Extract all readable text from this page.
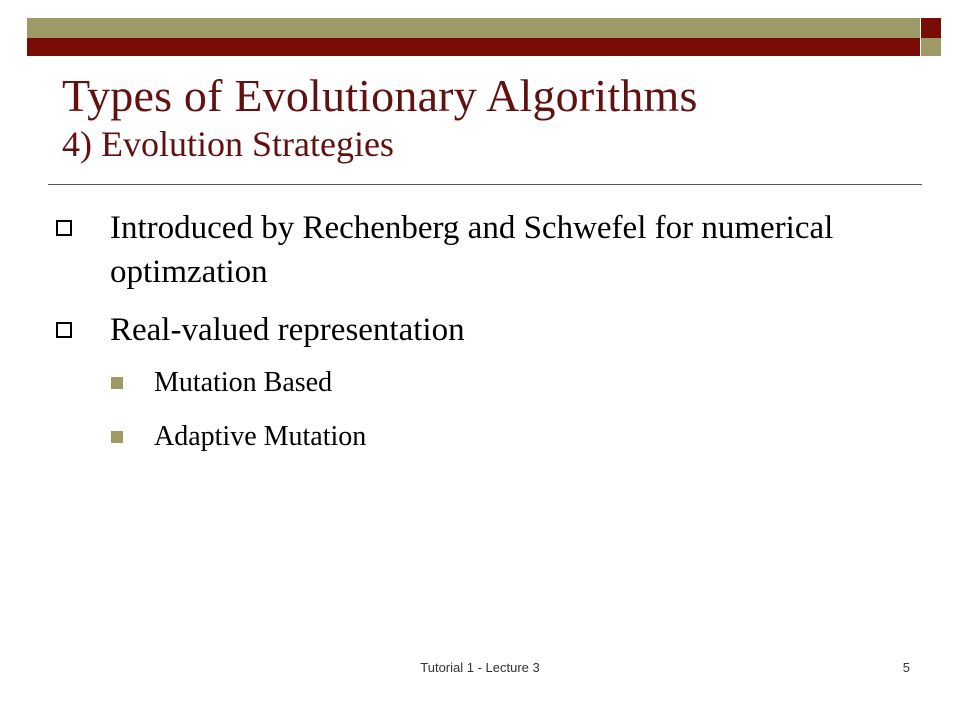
Types of Evolutionary Algorithms
4) Evolution Strategies
Introduced by Rechenberg and Schwefel for numerical optimzation
Real-valued representation
Mutation Based
Adaptive Mutation
Tutorial 1 - Lecture 3	5
